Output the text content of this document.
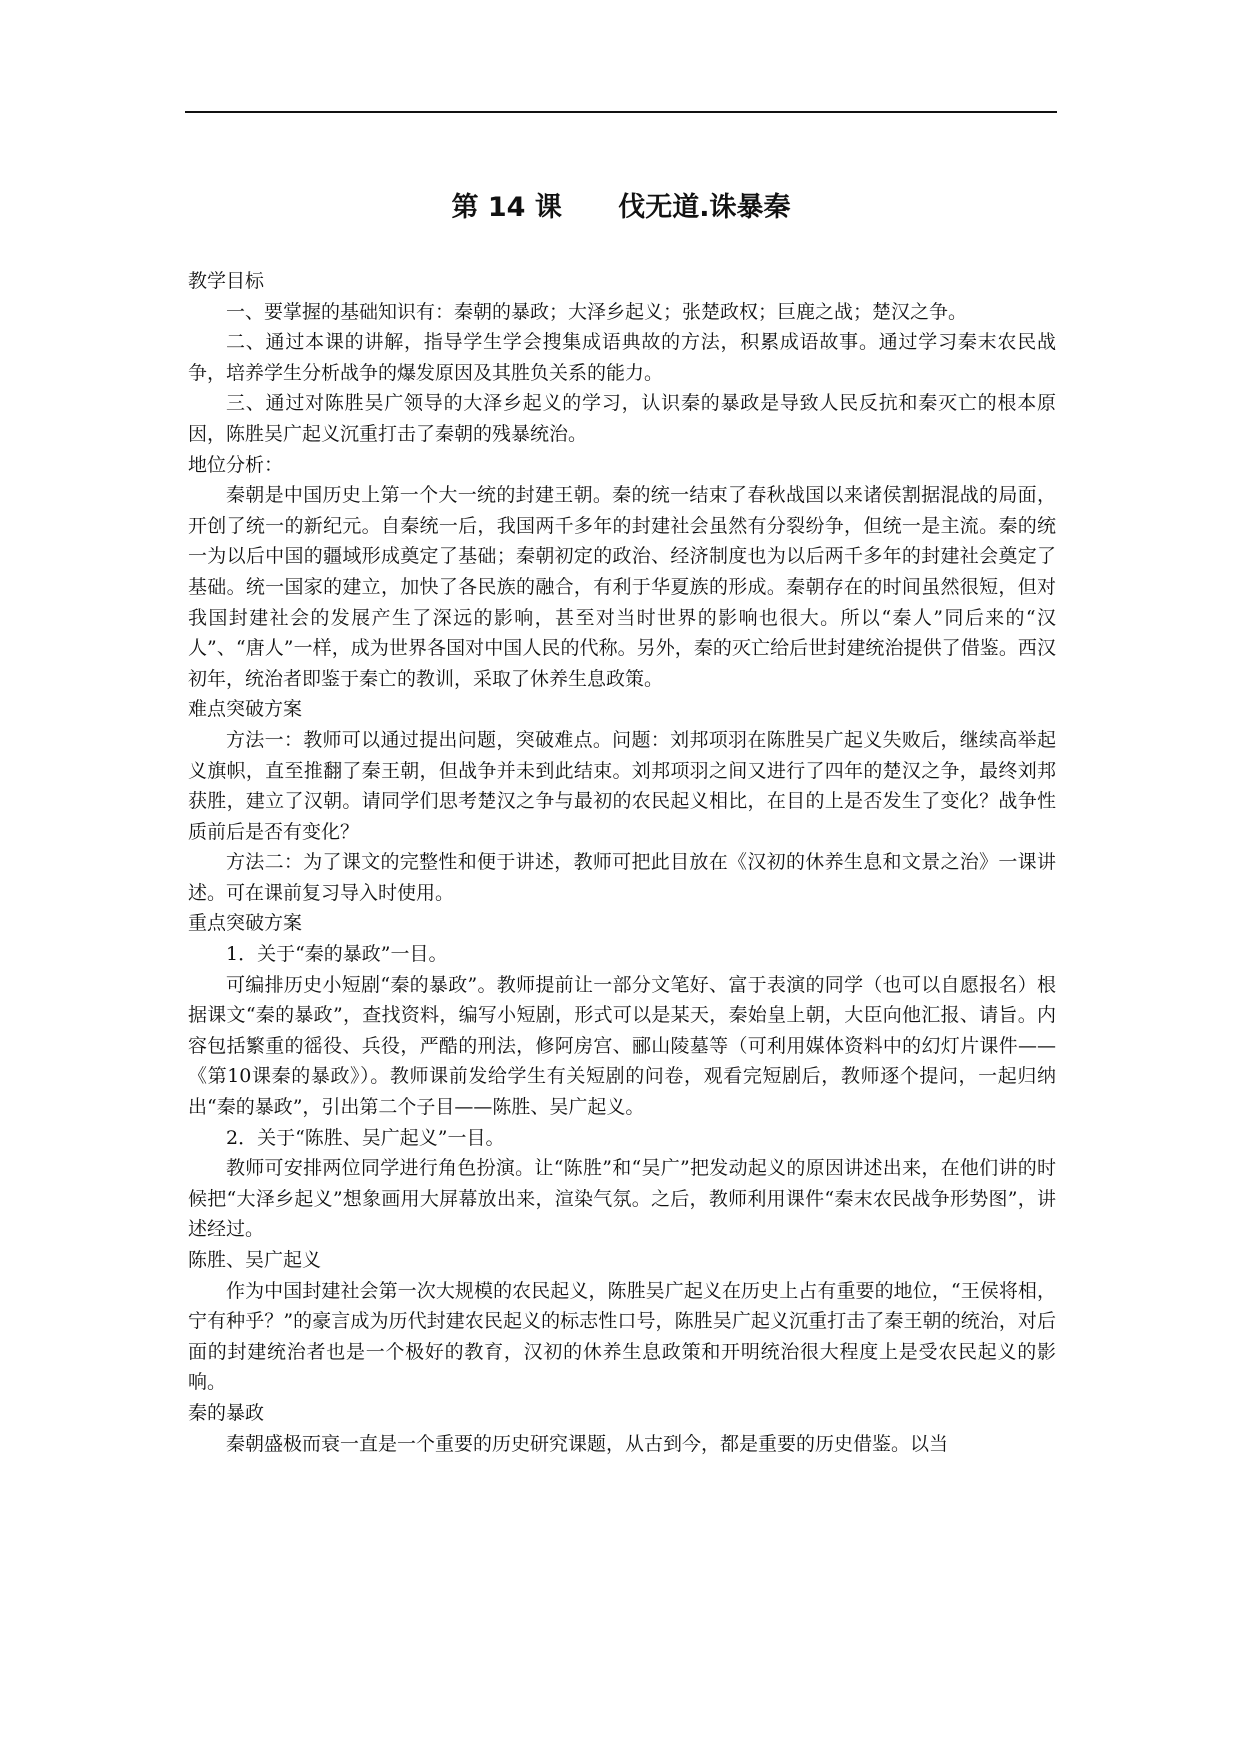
第 14 课      伐无道.诛暴秦
教学目标
一、要掌握的基础知识有：秦朝的暴政；大泽乡起义；张楚政权；巨鹿之战；楚汉之争。
二、通过本课的讲解，指导学生学会搜集成语典故的方法，积累成语故事。通过学习秦末农民战争，培养学生分析战争的爆发原因及其胜负关系的能力。
三、通过对陈胜吴广领导的大泽乡起义的学习，认识秦的暴政是导致人民反抗和秦灭亡的根本原因，陈胜吴广起义沉重打击了秦朝的残暴统治。
地位分析：
秦朝是中国历史上第一个大一统的封建王朝。秦的统一结束了春秋战国以来诸侯割据混战的局面，开创了统一的新纪元。自秦统一后，我国两千多年的封建社会虽然有分裂纷争，但统一是主流。秦的统一为以后中国的疆域形成奠定了基础；秦朝初定的政治、经济制度也为以后两千多年的封建社会奠定了基础。统一国家的建立，加快了各民族的融合，有利于华夏族的形成。秦朝存在的时间虽然很短，但对我国封建社会的发展产生了深远的影响，甚至对当时世界的影响也很大。所以“秦人”同后来的“汉人”、“唐人”一样，成为世界各国对中国人民的代称。另外，秦的灭亡给后世封建统治提供了借鉴。西汉初年，统治者即鉴于秦亡的教训，采取了休养生息政策。
难点突破方案
方法一：教师可以通过提出问题，突破难点。问题：刘邦项羽在陈胜吴广起义失败后，继续高举起义旗帜，直至推翻了秦王朝，但战争并未到此结束。刘邦项羽之间又进行了四年的楚汉之争，最终刘邦获胜，建立了汉朝。请同学们思考楚汉之争与最初的农民起义相比，在目的上是否发生了变化？战争性质前后是否有变化？
方法二：为了课文的完整性和便于讲述，教师可把此目放在《汉初的休养生息和文景之治》一课讲述。可在课前复习导入时使用。
重点突破方案
1．关于“秦的暴政”一目。
可编排历史小短剧“秦的暴政”。教师提前让一部分文笔好、富于表演的同学（也可以自愿报名）根据课文“秦的暴政”，查找资料，编写小短剧，形式可以是某天，秦始皇上朝，大臣向他汇报、请旨。内容包括繁重的徭役、兵役，严酷的刑法，修阿房宫、郦山陵墓等（可利用媒体资料中的幻灯片课件——《第10课秦的暴政》）。教师课前发给学生有关短剧的问卷，观看完短剧后，教师逐个提问，一起归纳出“秦的暴政”，引出第二个子目——陈胜、吴广起义。
2．关于“陈胜、吴广起义”一目。
教师可安排两位同学进行角色扮演。让“陈胜”和“吴广”把发动起义的原因讲述出来，在他们讲的时候把“大泽乡起义”想象画用大屏幕放出来，渲染气氛。之后，教师利用课件“秦末农民战争形势图”，讲述经过。
陈胜、吴广起义
作为中国封建社会第一次大规模的农民起义，陈胜吴广起义在历史上占有重要的地位，“王侯将相，宁有种乎？”的豪言成为历代封建农民起义的标志性口号，陈胜吴广起义沉重打击了秦王朝的统治，对后面的封建统治者也是一个极好的教育，汉初的休养生息政策和开明统治很大程度上是受农民起义的影响。
秦的暴政
秦朝盛极而衰一直是一个重要的历史研究课题，从古到今，都是重要的历史借鉴。以当
